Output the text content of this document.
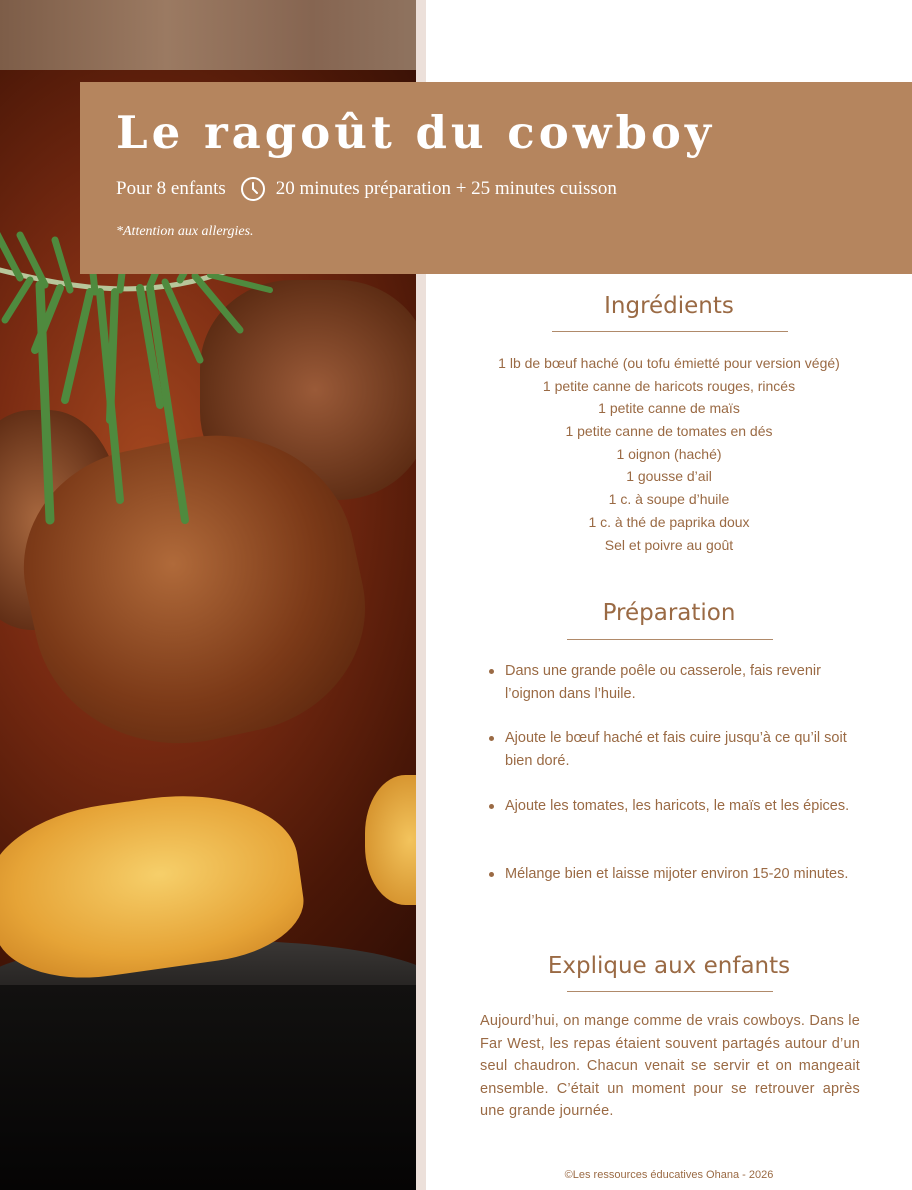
Le ragoût du cowboy
Pour 8 enfants	20 minutes préparation + 25 minutes cuisson
*Attention aux allergies.
Ingrédients
1 lb de bœuf haché (ou tofu émietté pour version végé)
1 petite canne de haricots rouges, rincés
1 petite canne de maïs
1 petite canne de tomates en dés
1 oignon (haché)
1 gousse d’ail
1 c. à soupe d’huile
1 c. à thé de paprika doux
Sel et poivre au goût
Préparation
Dans une grande poêle ou casserole, fais revenir l’oignon dans l’huile.
Ajoute le bœuf haché et fais cuire jusqu’à ce qu’il soit bien doré.
Ajoute les tomates, les haricots, le maïs et les épices.
Mélange bien et laisse mijoter environ 15-20 minutes.
Explique aux enfants

Aujourd’hui, on mange comme de vrais cowboys. Dans le Far West, les repas étaient souvent partagés autour d’un seul chaudron. Chacun venait se servir et on mangeait ensemble. C’était un moment pour se retrouver après une grande journée.

©Les ressources éducatives Ohana - 2026
